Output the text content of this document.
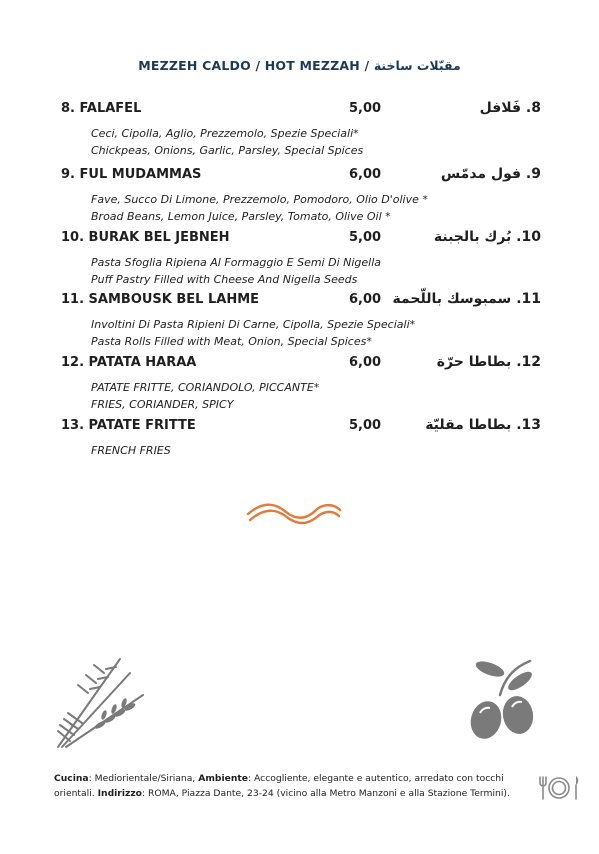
MEZZEH CALDO / HOT MEZZAH / مقبّلات ساخنة
8. FALAFEL	5,00	8. فَلافل
Ceci, Cipolla, Aglio, Prezzemolo, Spezie Speciali*
Chickpeas, Onions, Garlic, Parsley, Special Spices
9. FUL MUDAMMAS	6,00	9. فول مدمّس
Fave, Succo Di Limone, Prezzemolo, Pomodoro, Olio D'olive *
Broad Beans, Lemon Juice, Parsley, Tomato, Olive Oil *
10. BURAK BEL JEBNEH	5,00	10. بُرك بالجبنة
Pasta Sfoglia Ripiena Al Formaggio E Semi Di Nigella
Puff Pastry Filled with Cheese And Nigella Seeds
11. SAMBOUSK BEL LAHME	6,00 11. سمبوسك باللّحمة
Involtini Di Pasta Ripieni Di Carne, Cipolla, Spezie Speciali*
Pasta Rolls Filled with Meat, Onion, Special Spices*
12. PATATA HARAA	6,00	12. بطاطا حرّة
PATATE FRITTE, CORIANDOLO, PICCANTE*
FRIES, CORIANDER, SPICY
13. PATATE FRITTE	5,00	13. بطاطا مقليّة
FRENCH FRIES
Cucina: Mediorientale/Siriana, Ambiente: Accogliente, elegante e autentico, arredato con tocchi orientali. Indirizzo: ROMA, Piazza Dante, 23-24 (vicino alla Metro Manzoni e alla Stazione Termini).
